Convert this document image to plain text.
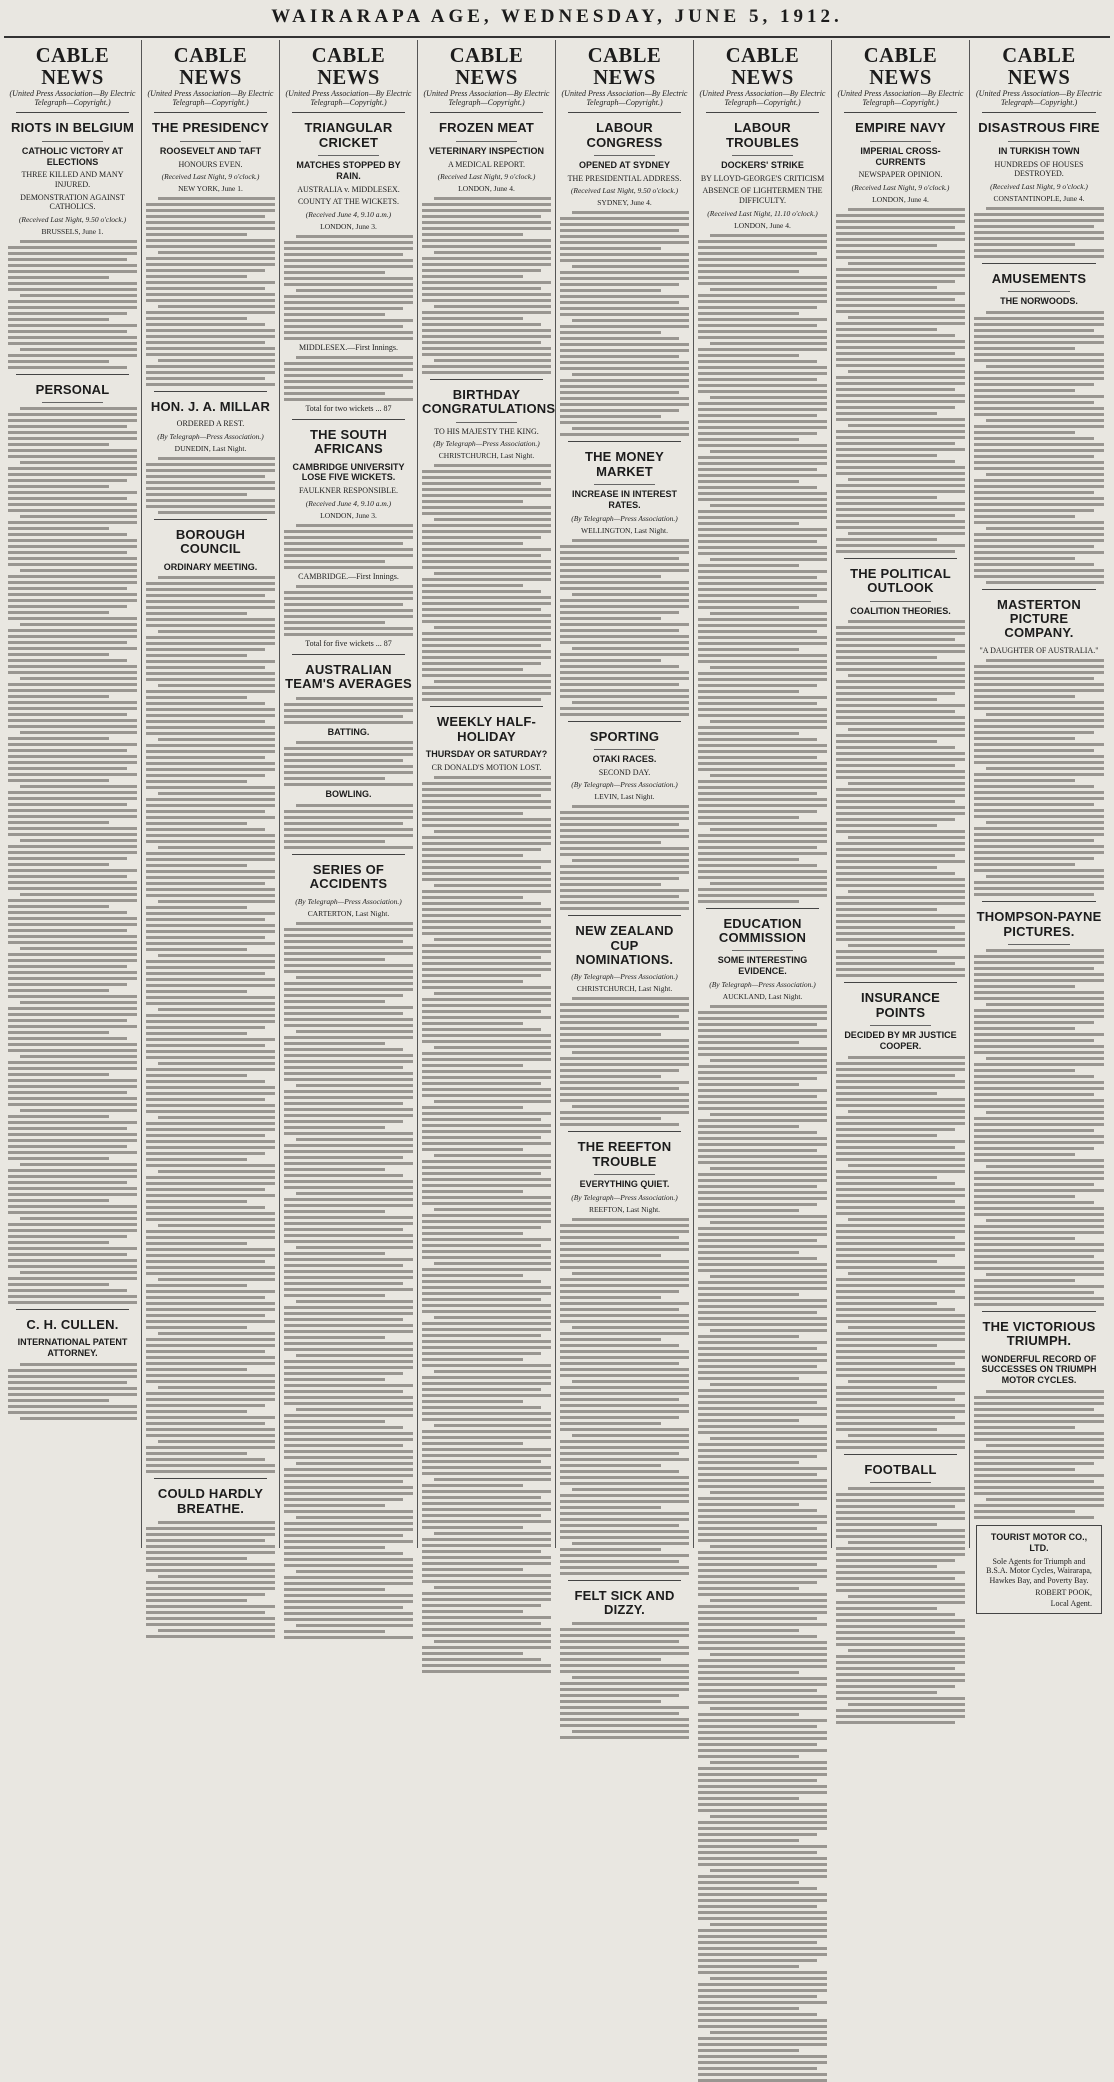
WAIRARAPA AGE, WEDNESDAY, JUNE 5, 1912.
CABLE NEWS
(United Press Association—By Electric Telegraph—Copyright.)
RIOTS IN BELGIUM
CATHOLIC VICTORY AT ELECTIONS
THREE KILLED AND MANY INJURED.
DEMONSTRATION AGAINST CATHOLICS.
(Received Last Night, 9.50 o'clock.)
BRUSSELS, June 1.
PERSONAL
C. H. CULLEN.
INTERNATIONAL PATENT ATTORNEY.
CABLE NEWS
(United Press Association—By Electric Telegraph—Copyright.)
THE PRESIDENCY
ROOSEVELT AND TAFT
HONOURS EVEN.
(Received Last Night, 9 o'clock.)
NEW YORK, June 1.
HON. J. A. MILLAR
ORDERED A REST.
(By Telegraph—Press Association.)
DUNEDIN, Last Night.
BOROUGH COUNCIL
ORDINARY MEETING.
COULD HARDLY BREATHE.
CABLE NEWS
(United Press Association—By Electric Telegraph—Copyright.)
TRIANGULAR CRICKET
MATCHES STOPPED BY RAIN.
AUSTRALIA v. MIDDLESEX.
COUNTY AT THE WICKETS.
(Received June 4, 9.10 a.m.)
LONDON, June 3.
MIDDLESEX.—First Innings.
Total for two wickets ... 87
THE SOUTH AFRICANS
CAMBRIDGE UNIVERSITY LOSE FIVE WICKETS.
FAULKNER RESPONSIBLE.
(Received June 4, 9.10 a.m.)
LONDON, June 3.
CAMBRIDGE.—First Innings.
Total for five wickets ... 87
AUSTRALIAN TEAM'S AVERAGES
BATTING.
BOWLING.
SERIES OF ACCIDENTS
(By Telegraph—Press Association.)
CARTERTON, Last Night.
CABLE NEWS
(United Press Association—By Electric Telegraph—Copyright.)
FROZEN MEAT
VETERINARY INSPECTION
A MEDICAL REPORT.
(Received Last Night, 9 o'clock.)
LONDON, June 4.
BIRTHDAY CONGRATULATIONS
TO HIS MAJESTY THE KING.
(By Telegraph—Press Association.)
CHRISTCHURCH, Last Night.
WEEKLY HALF-HOLIDAY
THURSDAY OR SATURDAY?
CR DONALD'S MOTION LOST.
CABLE NEWS
(United Press Association—By Electric Telegraph—Copyright.)
LABOUR CONGRESS
OPENED AT SYDNEY
THE PRESIDENTIAL ADDRESS.
(Received Last Night, 9.50 o'clock.)
SYDNEY, June 4.
THE MONEY MARKET
INCREASE IN INTEREST RATES.
(By Telegraph—Press Association.)
WELLINGTON, Last Night.
SPORTING
OTAKI RACES.
SECOND DAY.
(By Telegraph—Press Association.)
LEVIN, Last Night.
NEW ZEALAND CUP NOMINATIONS.
(By Telegraph—Press Association.)
CHRISTCHURCH, Last Night.
THE REEFTON TROUBLE
EVERYTHING QUIET.
(By Telegraph—Press Association.)
REEFTON, Last Night.
FELT SICK AND DIZZY.
CABLE NEWS
(United Press Association—By Electric Telegraph—Copyright.)
LABOUR TROUBLES
DOCKERS' STRIKE
BY LLOYD-GEORGE'S CRITICISM
ABSENCE OF LIGHTERMEN THE DIFFICULTY.
(Received Last Night, 11.10 o'clock.)
LONDON, June 4.
EDUCATION COMMISSION
SOME INTERESTING EVIDENCE.
(By Telegraph—Press Association.)
AUCKLAND, Last Night.
CABLE NEWS
(United Press Association—By Electric Telegraph—Copyright.)
EMPIRE NAVY
IMPERIAL CROSS-CURRENTS
NEWSPAPER OPINION.
(Received Last Night, 9 o'clock.)
LONDON, June 4.
THE POLITICAL OUTLOOK
COALITION THEORIES.
INSURANCE POINTS
DECIDED BY MR JUSTICE COOPER.
FOOTBALL
CABLE NEWS
(United Press Association—By Electric Telegraph—Copyright.)
DISASTROUS FIRE
IN TURKISH TOWN
HUNDREDS OF HOUSES DESTROYED.
(Received Last Night, 9 o'clock.)
CONSTANTINOPLE, June 4.
AMUSEMENTS
THE NORWOODS.
MASTERTON PICTURE COMPANY.
"A DAUGHTER OF AUSTRALIA."
THOMPSON-PAYNE PICTURES.
THE VICTORIOUS TRIUMPH.
WONDERFUL RECORD OF SUCCESSES ON TRIUMPH MOTOR CYCLES.
TOURIST MOTOR CO., LTD.
Sole Agents for Triumph and B.S.A. Motor Cycles, Wairarapa, Hawkes Bay, and Poverty Bay.
ROBERT POOK,
Local Agent.
